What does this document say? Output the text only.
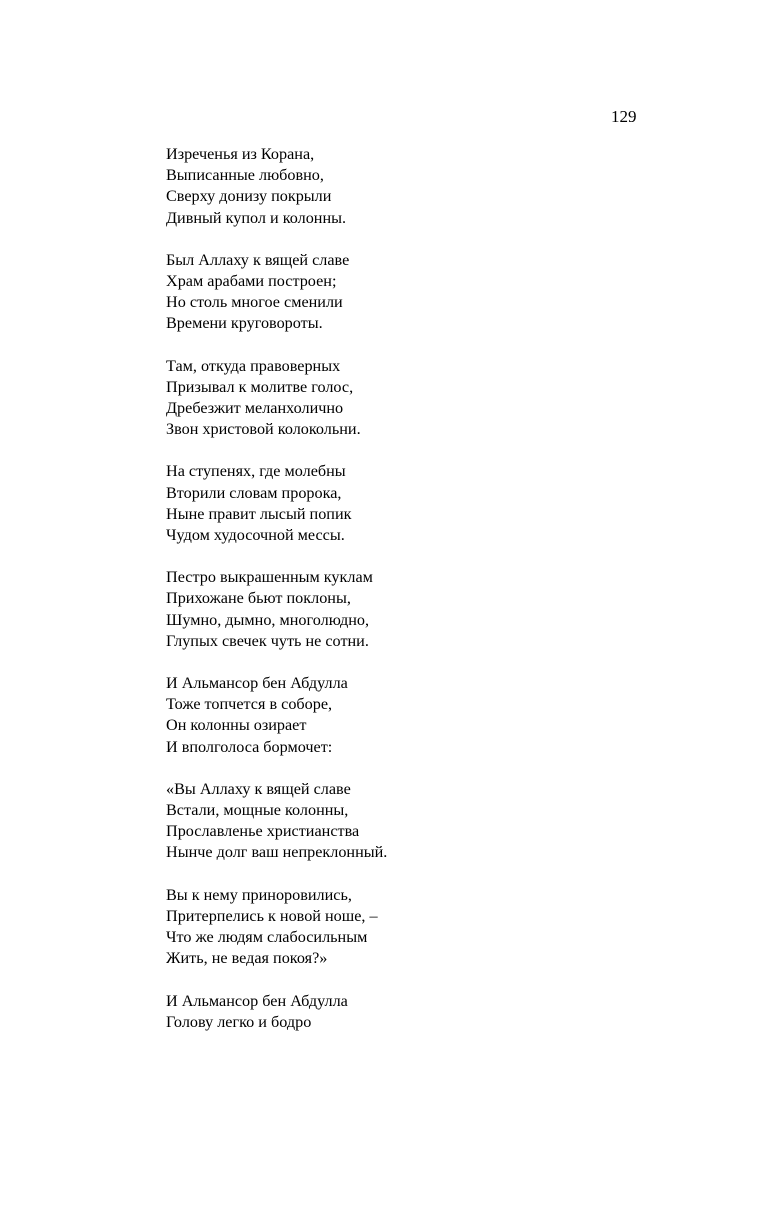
129
Изреченья из Корана,
Выписанные любовно,
Сверху донизу покрыли
Дивный купол и колонны.
Был Аллаху к вящей славе
Храм арабами построен;
Но столь многое сменили
Времени круговороты.
Там, откуда правоверных
Призывал к молитве голос,
Дребезжит меланхолично
Звон христовой колокольни.
На ступенях, где молебны
Вторили словам пророка,
Ныне правит лысый попик
Чудом худосочной мессы.
Пестро выкрашенным куклам
Прихожане бьют поклоны,
Шумно, дымно, многолюдно,
Глупых свечек чуть не сотни.
И Альмансор бен Абдулла
Тоже топчется в соборе,
Он колонны озирает
И вполголоса бормочет:
«Вы Аллаху к вящей славе
Встали, мощные колонны,
Прославленье христианства
Нынче долг ваш непреклонный.
Вы к нему приноровились,
Притерпелись к новой ноше, –
Что же людям слабосильным
Жить, не ведая покоя?»
И Альмансор бен Абдулла
Голову легко и бодро
